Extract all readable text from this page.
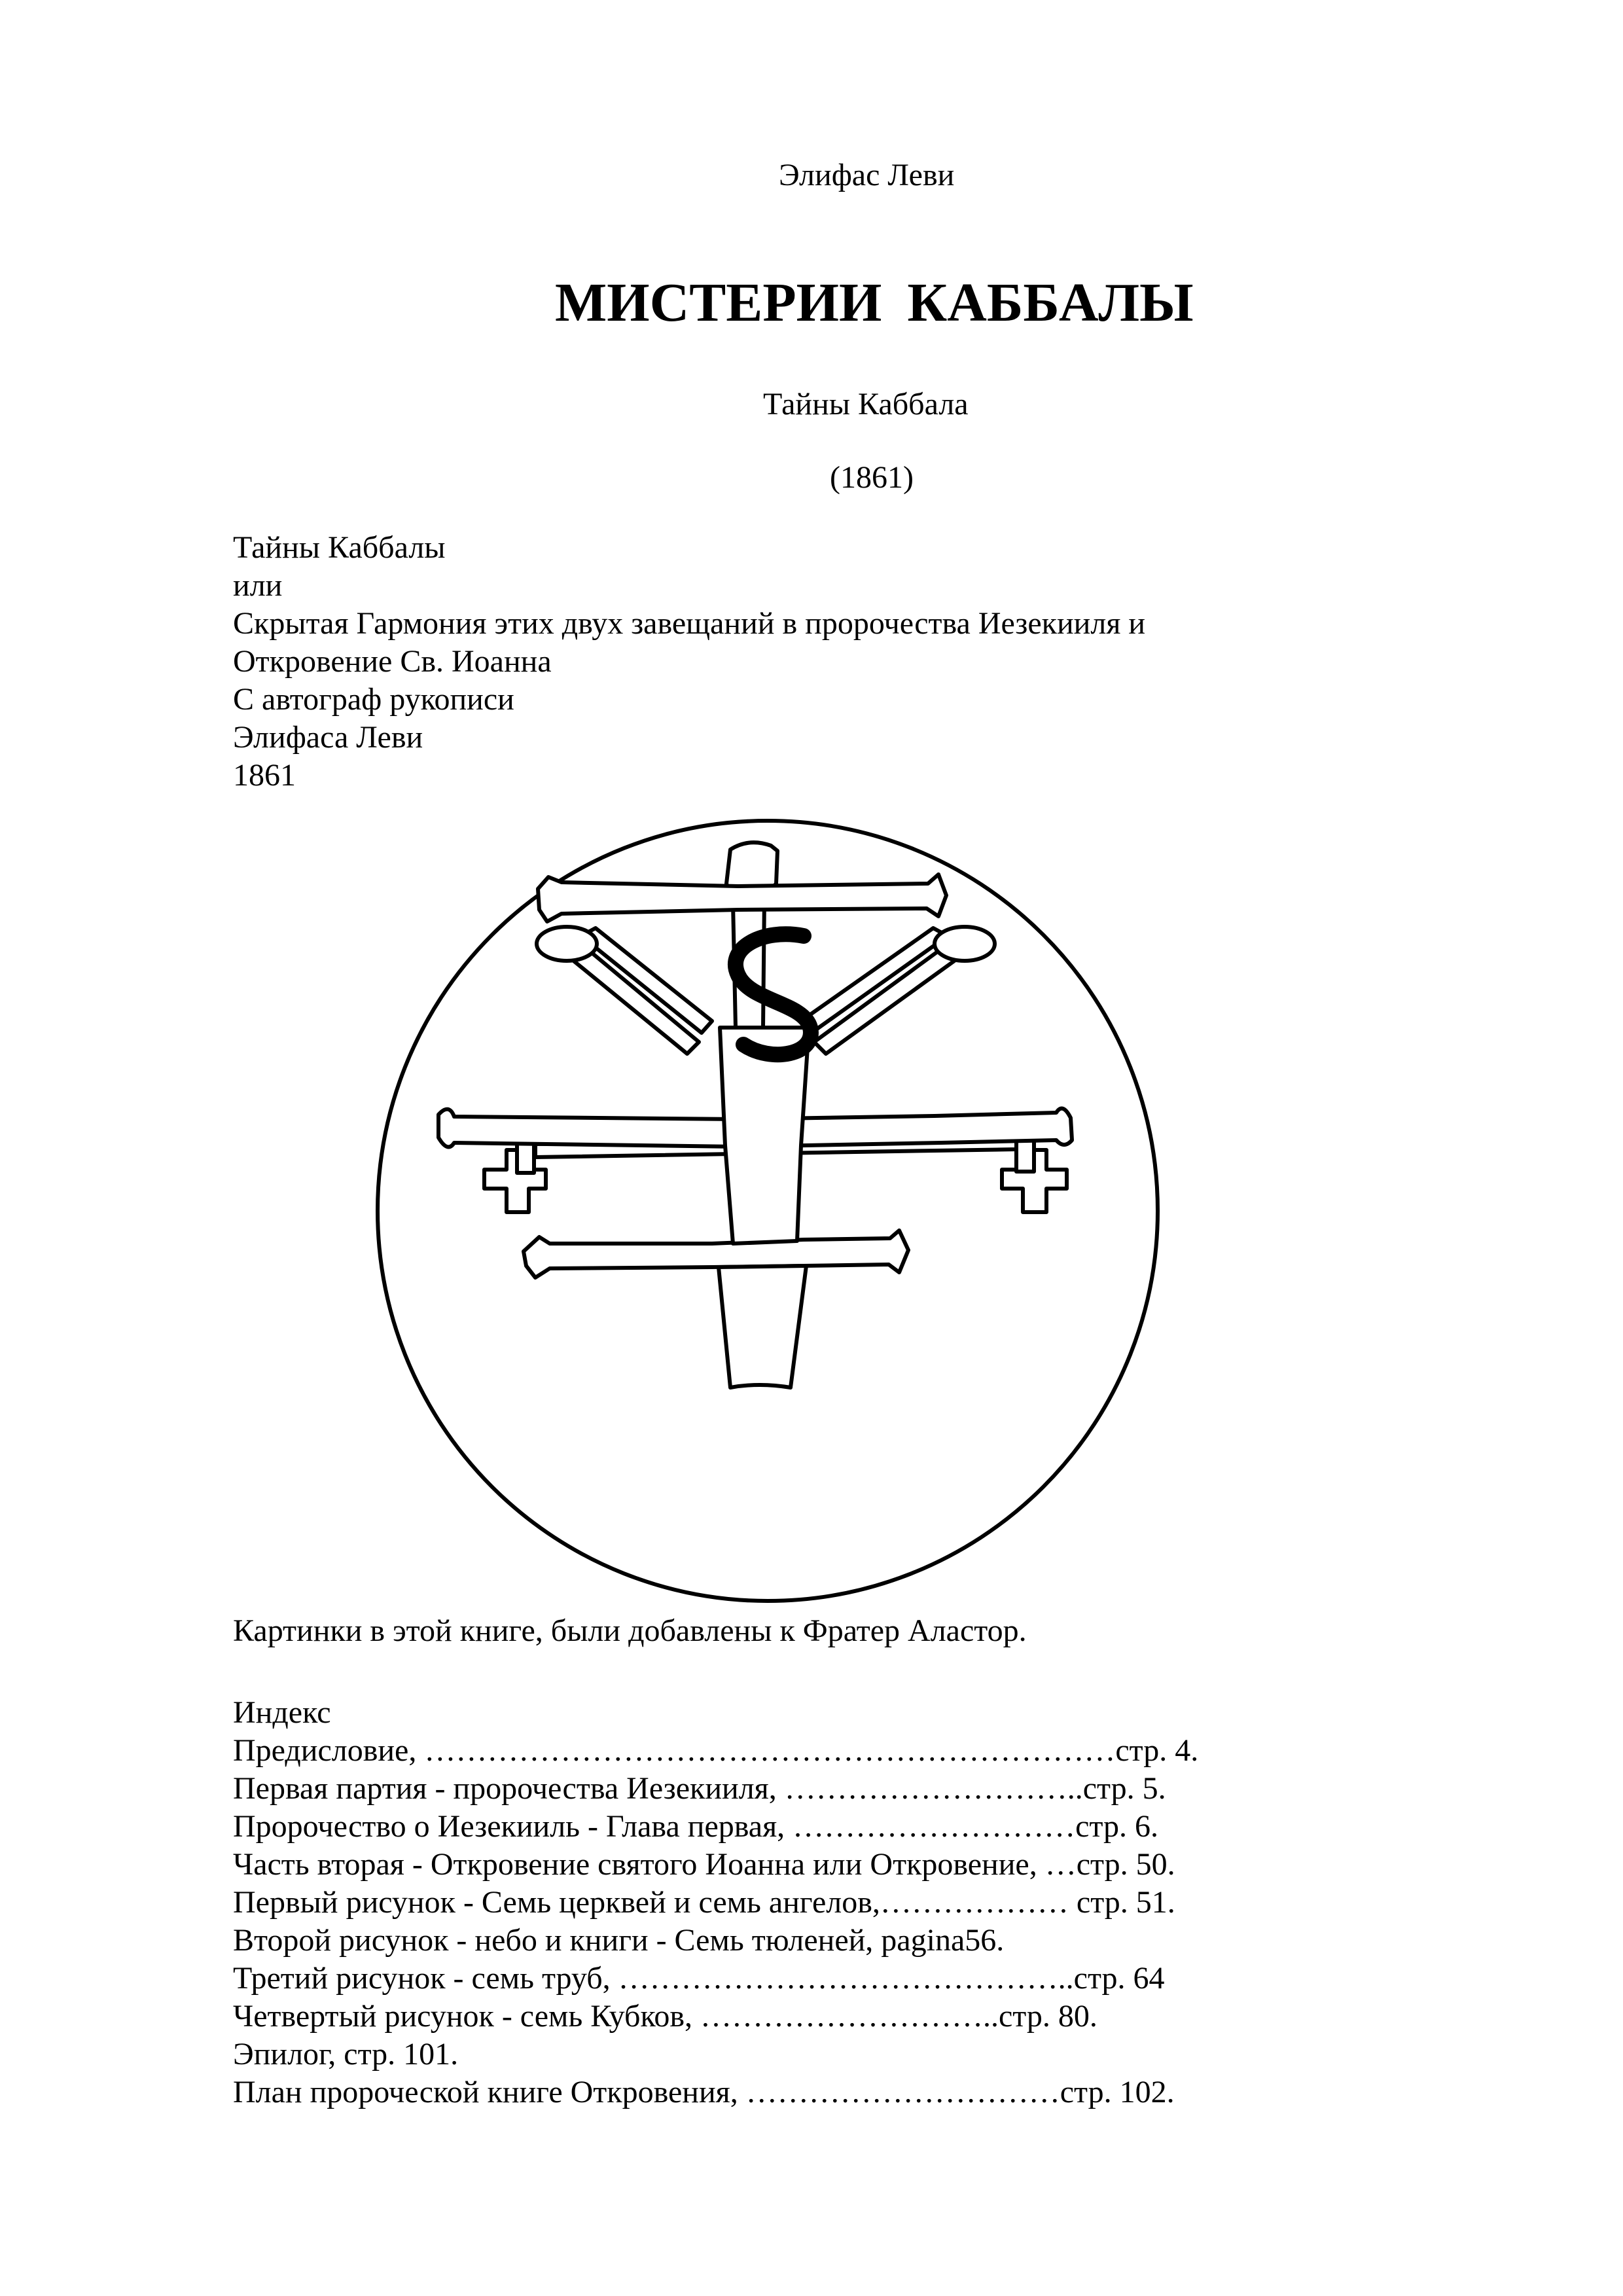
Элифас Леви
МИСТЕРИИ КАББАЛЫ
Тайны Каббала
(1861)
Тайны Каббалы
или
Скрытая Гармония этих двух завещаний в пророчества Иезекииля и
Откровение Св. Иоанна
С автограф рукописи
Элифаса Леви
1861
S
Картинки в этой книге, были добавлены к Фратер Аластор.
Индекс
Предисловие, …………………………………………………………стр. 4.
Первая партия - пророчества Иезекииля, ………………………..стр. 5.
Пророчество о Иезекииль - Глава первая, ………………………стр. 6.
Часть вторая - Откровение святого Иоанна или Откровение, …стр. 50.
Первый рисунок - Семь церквей и семь ангелов,……………… стр. 51.
Второй рисунок - небо и книги - Семь тюленей, pagina56.
Третий рисунок - семь труб, ……………………………………..стр. 64
Четвертый рисунок - семь Кубков, ………………………..стр. 80.
Эпилог, стр. 101.
План пророческой книге Откровения, …………………………стр. 102.
